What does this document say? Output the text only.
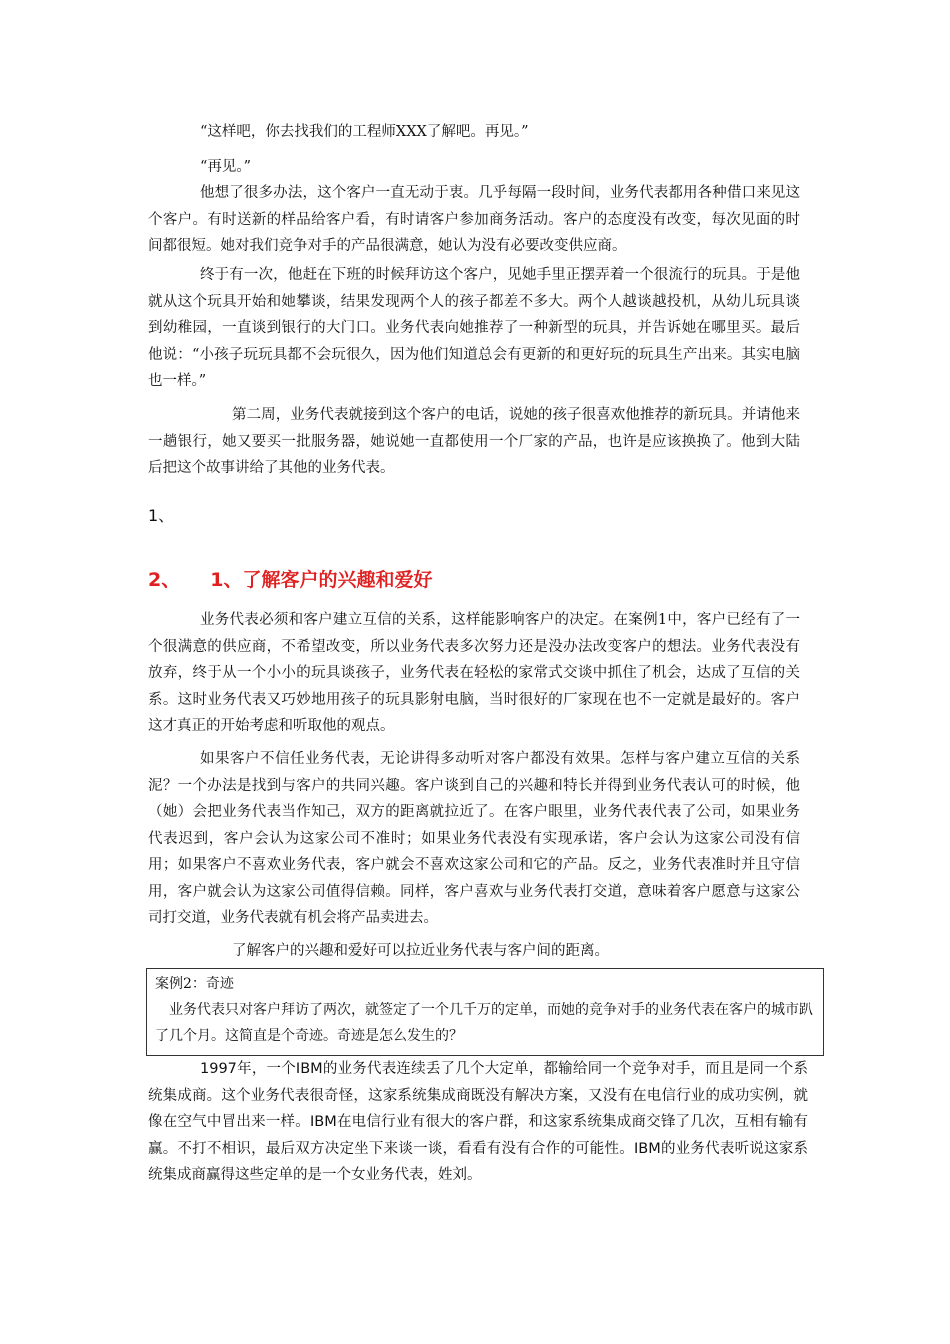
“这样吧，你去找我们的工程师XXX了解吧。再见。”
“再见。”

他想了很多办法，这个客户一直无动于衷。几乎每隔一段时间，业务代表都用各种借口来见这个客户。有时送新的样品给客户看，有时请客户参加商务活动。客户的态度没有改变，每次见面的时间都很短。她对我们竞争对手的产品很满意，她认为没有必要改变供应商。

终于有一次，他赶在下班的时候拜访这个客户，见她手里正摆弄着一个很流行的玩具。于是他就从这个玩具开始和她攀谈，结果发现两个人的孩子都差不多大。两个人越谈越投机，从幼儿玩具谈到幼稚园，一直谈到银行的大门口。业务代表向她推荐了一种新型的玩具，并告诉她在哪里买。最后他说：“小孩子玩玩具都不会玩很久，因为他们知道总会有更新的和更好玩的玩具生产出来。其实电脑也一样。”

第二周，业务代表就接到这个客户的电话，说她的孩子很喜欢他推荐的新玩具。并请他来一趟银行，她又要买一批服务器，她说她一直都使用一个厂家的产品，也许是应该换换了。他到大陆后把这个故事讲给了其他的业务代表。

1、
2、 1、了解客户的兴趣和爱好

业务代表必须和客户建立互信的关系，这样能影响客户的决定。在案例1中，客户已经有了一个很满意的供应商，不希望改变，所以业务代表多次努力还是没办法改变客户的想法。业务代表没有放弃，终于从一个小小的玩具谈孩子，业务代表在轻松的家常式交谈中抓住了机会，达成了互信的关系。这时业务代表又巧妙地用孩子的玩具影射电脑，当时很好的厂家现在也不一定就是最好的。客户这才真正的开始考虑和听取他的观点。

如果客户不信任业务代表，无论讲得多动听对客户都没有效果。怎样与客户建立互信的关系泥？一个办法是找到与客户的共同兴趣。客户谈到自己的兴趣和特长并得到业务代表认可的时候，他（她）会把业务代表当作知己，双方的距离就拉近了。在客户眼里，业务代表代表了公司，如果业务代表迟到，客户会认为这家公司不准时；如果业务代表没有实现承诺，客户会认为这家公司没有信用；如果客户不喜欢业务代表，客户就会不喜欢这家公司和它的产品。反之，业务代表准时并且守信用，客户就会认为这家公司值得信赖。同样，客户喜欢与业务代表打交道，意味着客户愿意与这家公司打交道，业务代表就有机会将产品卖进去。

了解客户的兴趣和爱好可以拉近业务代表与客户间的距离。
案例2：奇迹

业务代表只对客户拜访了两次，就签定了一个几千万的定单，而她的竞争对手的业务代表在客户的城市趴了几个月。这简直是个奇迹。奇迹是怎么发生的？

1997年，一个IBM的业务代表连续丢了几个大定单，都输给同一个竞争对手，而且是同一个系统集成商。这个业务代表很奇怪，这家系统集成商既没有解决方案，又没有在电信行业的成功实例，就像在空气中冒出来一样。IBM在电信行业有很大的客户群，和这家系统集成商交锋了几次，互相有输有赢。不打不相识，最后双方决定坐下来谈一谈，看看有没有合作的可能性。IBM的业务代表听说这家系统集成商赢得这些定单的是一个女业务代表，姓刘。
